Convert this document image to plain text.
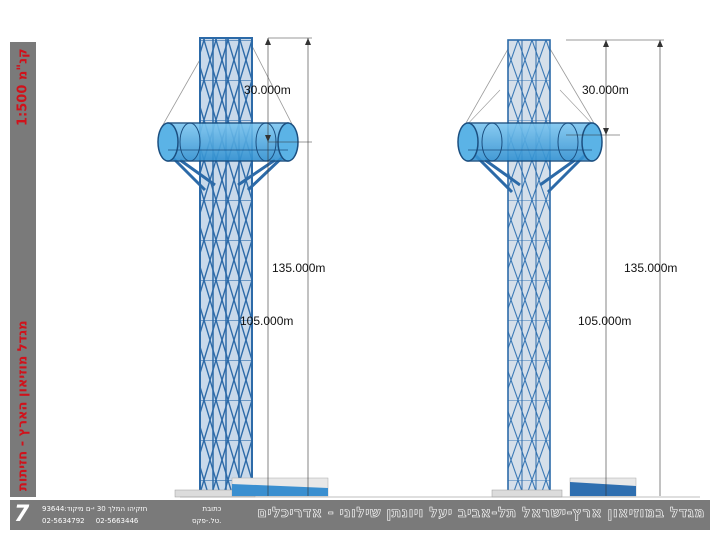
מגדל מוזיאון הארץ - חזיתות
קנ"מ 1:500
30.000m
135.000m
105.000m
30.000m
135.000m
105.000m
7 חזקיהו המלך 30 י-ם מיקוד:93644
02-5634792 02-5663446
כתובת
טל.-פקס.	מגדל במוזיאון ארץ-ישראל תל-אביב יעל ויונתן שילוני - אדריכלים
